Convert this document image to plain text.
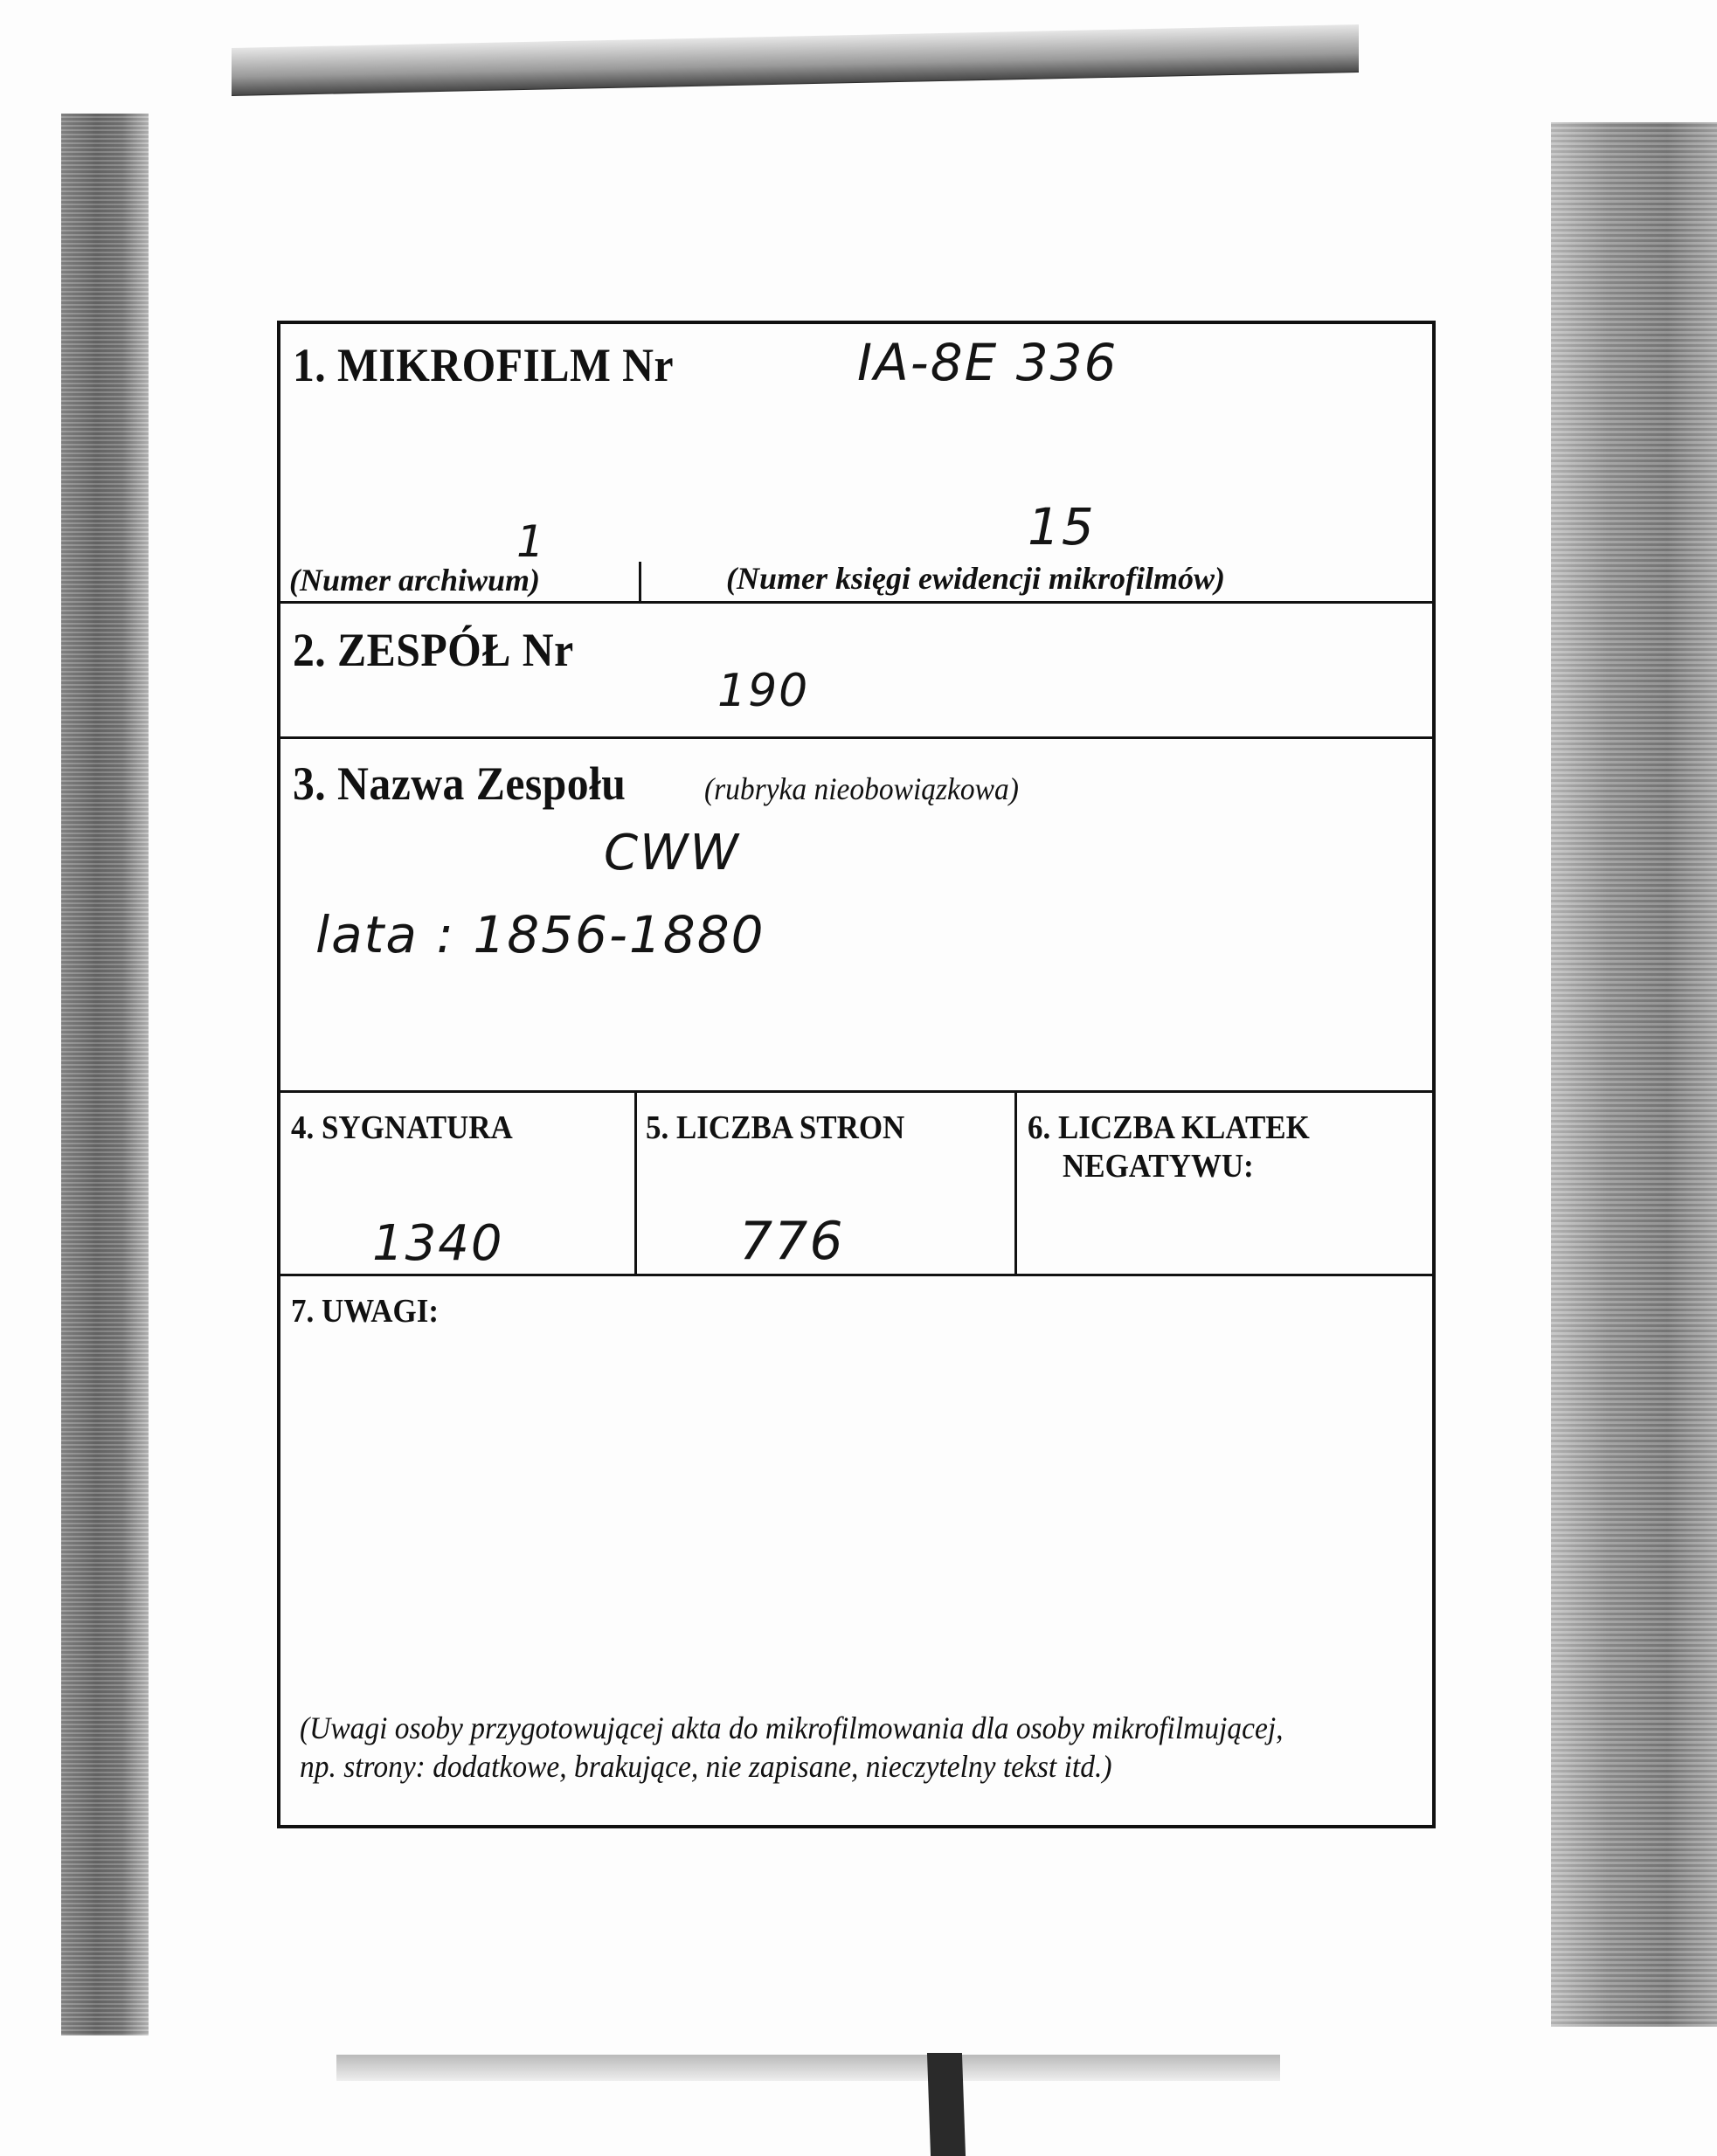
1. MIKROFILM Nr	IA-8E 336
1	15
(Numer archiwum)	(Numer księgi ewidencji mikrofilmów)
2. ZESPÓŁ Nr
190
3. Nazwa Zespołu (rubryka nieobowiązkowa)
CWW
lata : 1856-1880
4. SYGNATURA
1340
5. LICZBA STRON
776
6. LICZBA KLATEK
NEGATYWU:
7. UWAGI:
(Uwagi osoby przygotowującej akta do mikrofilmowania dla osoby mikrofilmującej,
np. strony: dodatkowe, brakujące, nie zapisane, nieczytelny tekst itd.)
